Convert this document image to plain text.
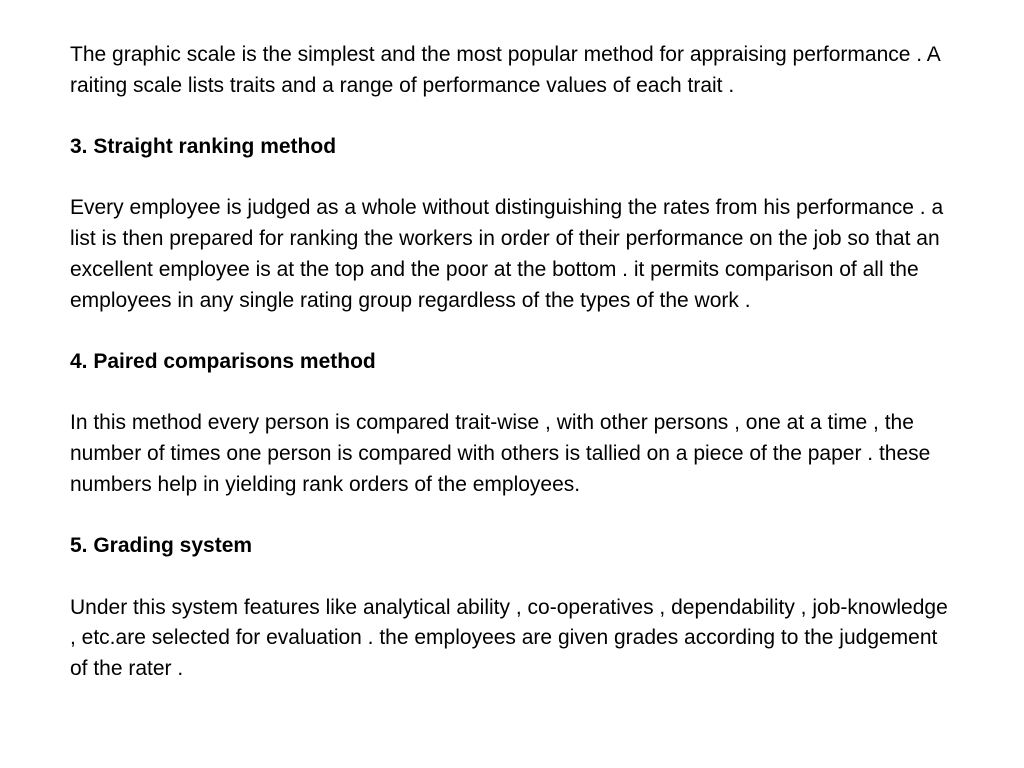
The graphic scale is the simplest and the most popular method for appraising performance . A raiting scale lists traits and a range of performance values of each trait .

3. Straight ranking method

Every employee is judged as a whole without distinguishing the rates from his performance . a list is then prepared for ranking the workers in order of their performance on the job so that an excellent employee is at the top and the poor at the bottom . it permits comparison of all the employees in any single rating group regardless of the types of the work .

4. Paired comparisons method

In this method every person is compared trait-wise , with other persons , one at a time , the number of times one person is compared with others is tallied on a piece of the paper . these numbers help in yielding rank orders of the employees.

5. Grading system

Under this system features like analytical ability , co-operatives , dependability , job-knowledge , etc.are selected for evaluation . the employees are given grades according to the judgement of the rater .
